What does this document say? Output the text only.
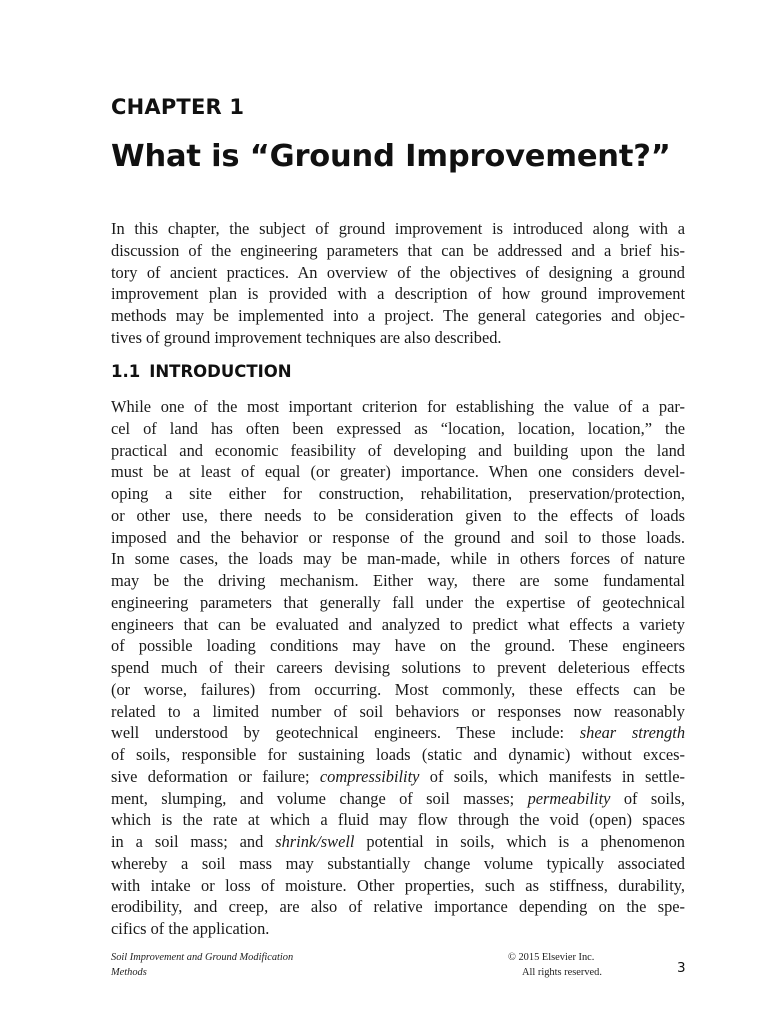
CHAPTER 1
What is “Ground Improvement?”
In this chapter, the subject of ground improvement is introduced along with a
discussion of the engineering parameters that can be addressed and a brief his-
tory of ancient practices. An overview of the objectives of designing a ground
improvement plan is provided with a description of how ground improvement
methods may be implemented into a project. The general categories and objec-
tives of ground improvement techniques are also described.
1.1 INTRODUCTION
While one of the most important criterion for establishing the value of a par-
cel of land has often been expressed as “location, location, location,” the
practical and economic feasibility of developing and building upon the land
must be at least of equal (or greater) importance. When one considers devel-
oping a site either for construction, rehabilitation, preservation/protection,
or other use, there needs to be consideration given to the effects of loads
imposed and the behavior or response of the ground and soil to those loads.
In some cases, the loads may be man-made, while in others forces of nature
may be the driving mechanism. Either way, there are some fundamental
engineering parameters that generally fall under the expertise of geotechnical
engineers that can be evaluated and analyzed to predict what effects a variety
of possible loading conditions may have on the ground. These engineers
spend much of their careers devising solutions to prevent deleterious effects
(or worse, failures) from occurring. Most commonly, these effects can be
related to a limited number of soil behaviors or responses now reasonably
well understood by geotechnical engineers. These include: shear strength
of soils, responsible for sustaining loads (static and dynamic) without exces-
sive deformation or failure; compressibility of soils, which manifests in settle-
ment, slumping, and volume change of soil masses; permeability of soils,
which is the rate at which a fluid may flow through the void (open) spaces
in a soil mass; and shrink/swell potential in soils, which is a phenomenon
whereby a soil mass may substantially change volume typically associated
with intake or loss of moisture. Other properties, such as stiffness, durability,
erodibility, and creep, are also of relative importance depending on the spe-
cifics of the application.
Soil Improvement and Ground Modification
Methods
© 2015 Elsevier Inc.
All rights reserved.	3
